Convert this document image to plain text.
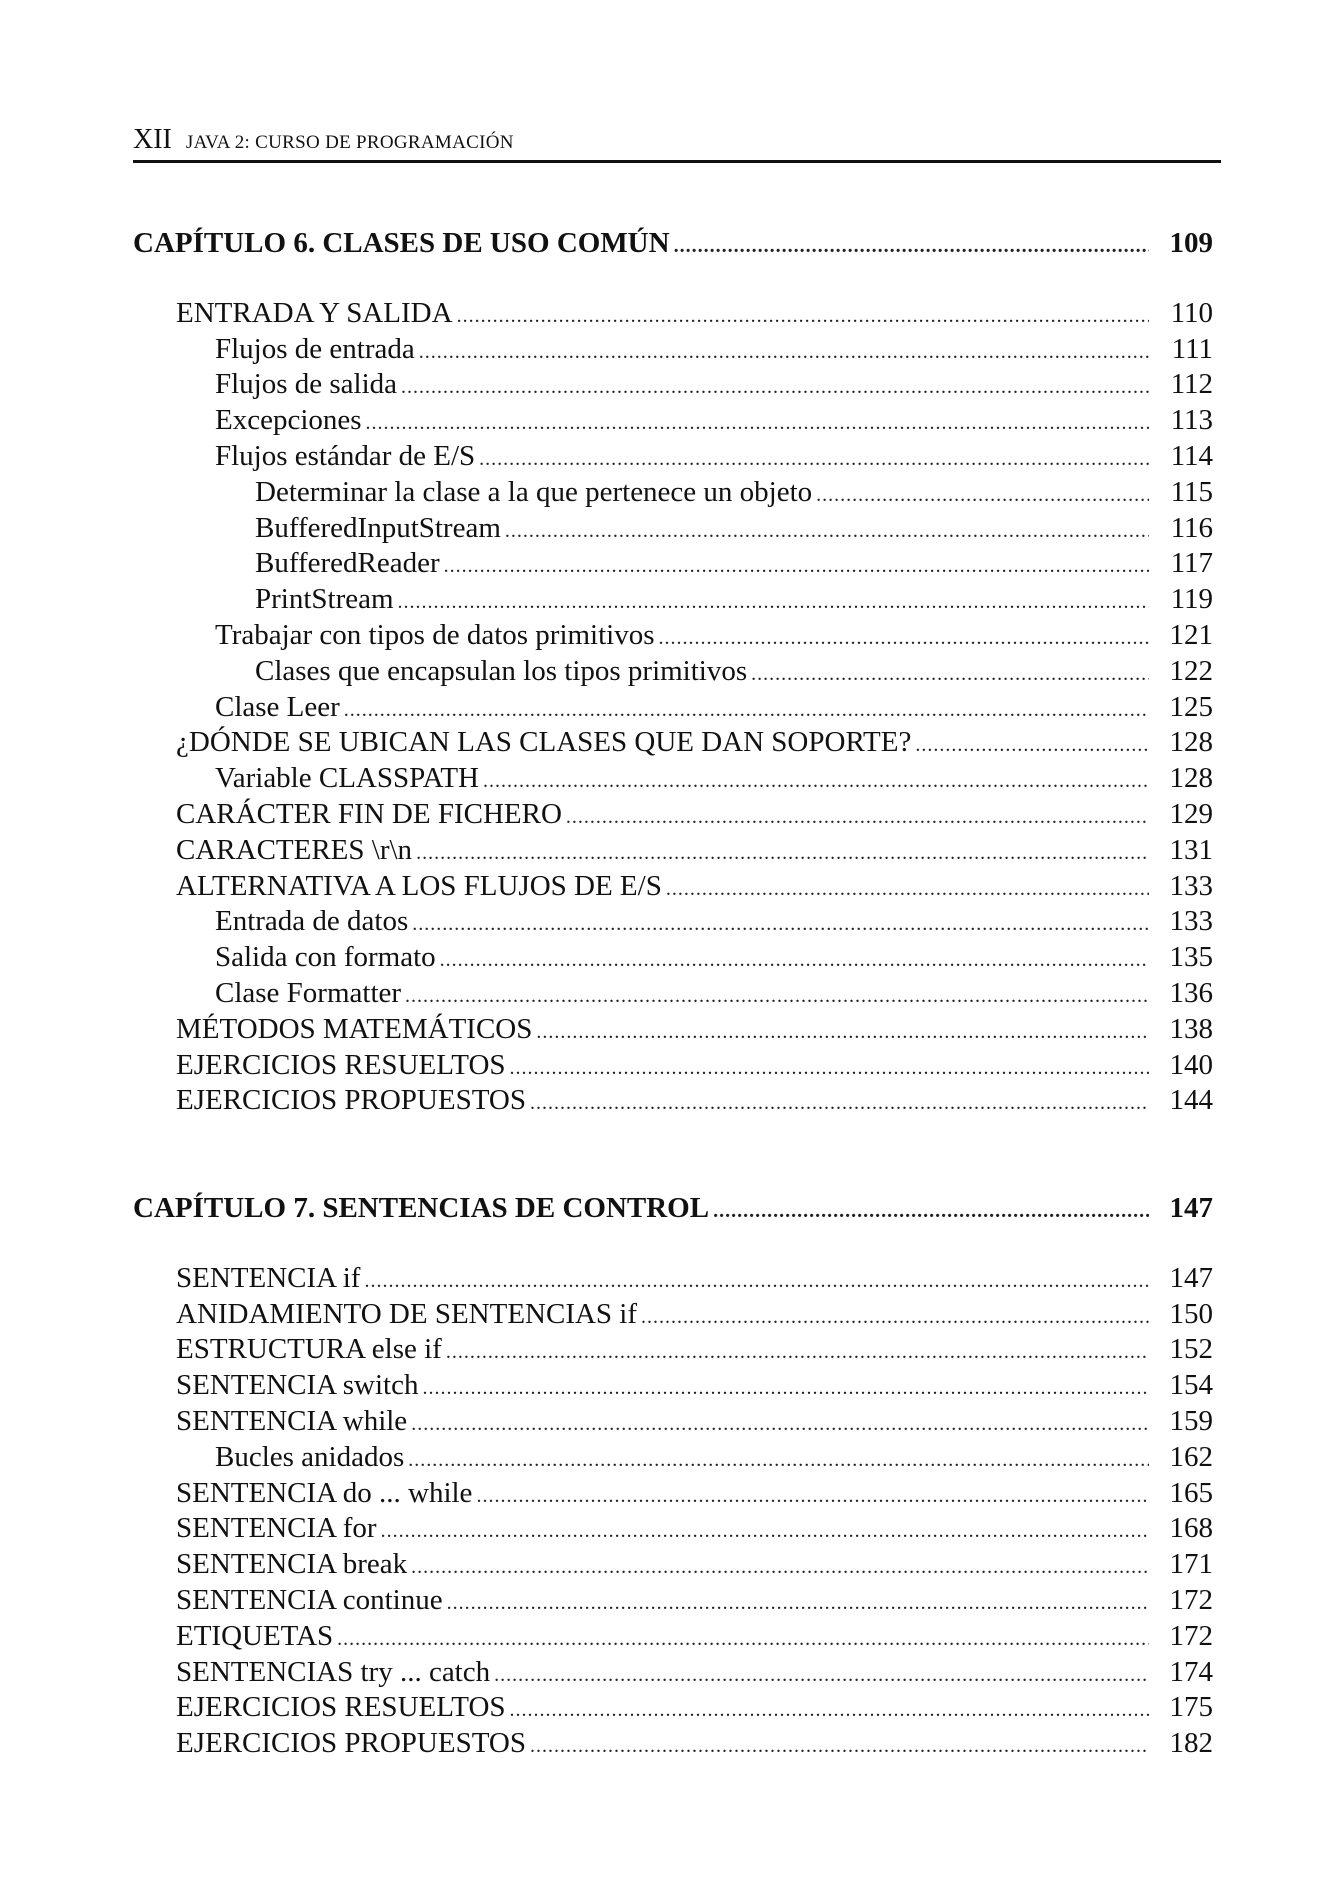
XII JAVA 2: CURSO DE PROGRAMACIÓN
CAPÍTULO 6. CLASES DE USO COMÚN .....	109
ENTRADA Y SALIDA .....	110
Flujos de entrada .....	111
Flujos de salida .....	112
Excepciones .....	113
Flujos estándar de E/S .....	114
Determinar la clase a la que pertenece un objeto .....	115
BufferedInputStream .....	116
BufferedReader .....	117
PrintStream .....	119
Trabajar con tipos de datos primitivos .....	121
Clases que encapsulan los tipos primitivos .....	122
Clase Leer .....	125
¿DÓNDE SE UBICAN LAS CLASES QUE DAN SOPORTE? .....	128
Variable CLASSPATH .....	128
CARÁCTER FIN DE FICHERO .....	129
CARACTERES \r\n .....	131
ALTERNATIVA A LOS FLUJOS DE E/S .....	133
Entrada de datos .....	133
Salida con formato .....	135
Clase Formatter .....	136
MÉTODOS MATEMÁTICOS .....	138
EJERCICIOS RESUELTOS .....	140
EJERCICIOS PROPUESTOS .....	144
CAPÍTULO 7. SENTENCIAS DE CONTROL .....	147
SENTENCIA if .....	147
ANIDAMIENTO DE SENTENCIAS if .....	150
ESTRUCTURA else if .....	152
SENTENCIA switch .....	154
SENTENCIA while .....	159
Bucles anidados .....	162
SENTENCIA do ... while .....	165
SENTENCIA for .....	168
SENTENCIA break .....	171
SENTENCIA continue .....	172
ETIQUETAS .....	172
SENTENCIAS try ... catch .....	174
EJERCICIOS RESUELTOS .....	175
EJERCICIOS PROPUESTOS .....	182
